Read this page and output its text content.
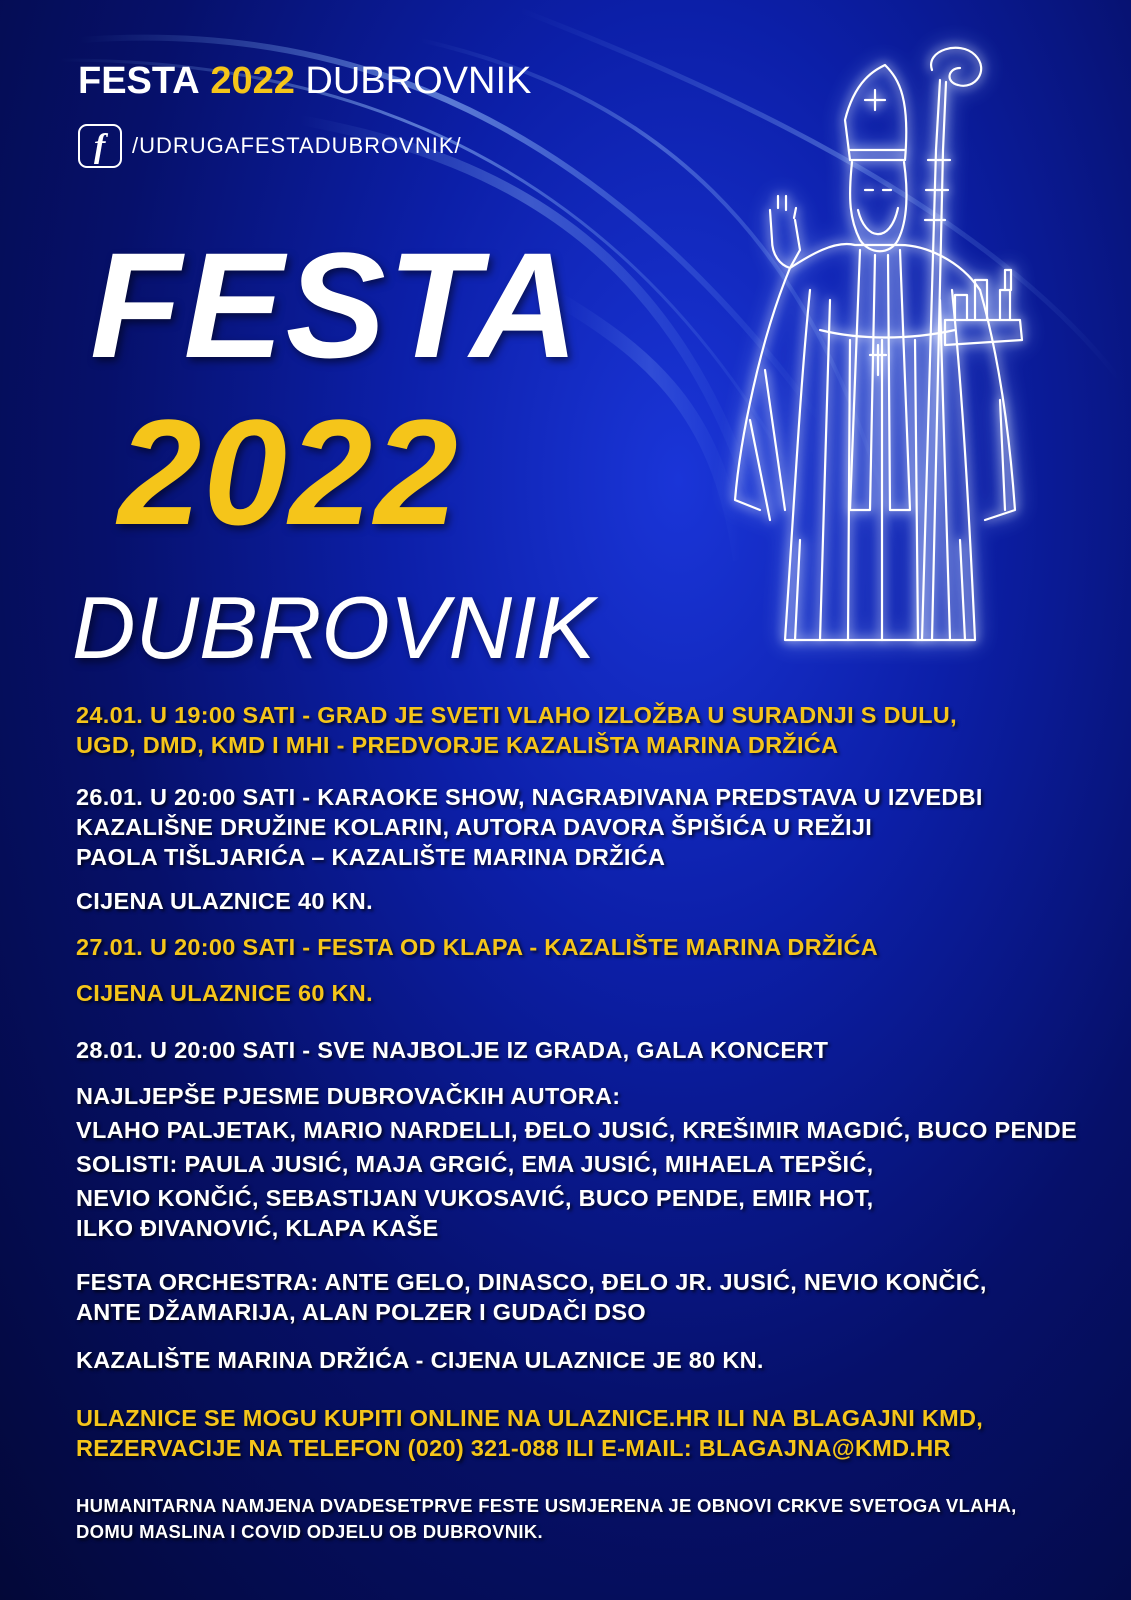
FESTA 2022 DUBROVNIK
f /UDRUGAFESTADUBROVNIK/
FESTA
2022
DUBROVNIK
24.01. U 19:00 SATI - GRAD JE SVETI VLAHO IZLOŽBA U SURADNJI S DULU,
UGD, DMD, KMD I MHI - PREDVORJE KAZALIŠTA MARINA DRŽIĆA
26.01. U 20:00 SATI - KARAOKE SHOW, NAGRAĐIVANA PREDSTAVA U IZVEDBI
KAZALIŠNE DRUŽINE KOLARIN, AUTORA DAVORA ŠPIŠIĆA U REŽIJI
PAOLA TIŠLJARIĆA – KAZALIŠTE MARINA DRŽIĆA
CIJENA ULAZNICE 40 KN.
27.01. U 20:00 SATI - FESTA OD KLAPA - KAZALIŠTE MARINA DRŽIĆA
CIJENA ULAZNICE 60 KN.
28.01. U 20:00 SATI - SVE NAJBOLJE IZ GRADA, GALA KONCERT
NAJLJEPŠE PJESME DUBROVAČKIH AUTORA:
VLAHO PALJETAK, MARIO NARDELLI, ĐELO JUSIĆ, KREŠIMIR MAGDIĆ, BUCO PENDE
SOLISTI: PAULA JUSIĆ, MAJA GRGIĆ, EMA JUSIĆ, MIHAELA TEPŠIĆ,
NEVIO KONČIĆ, SEBASTIJAN VUKOSAVIĆ, BUCO PENDE, EMIR HOT,
ILKO ĐIVANOVIĆ, KLAPA KAŠE
FESTA ORCHESTRA: ANTE GELO, DINASCO, ĐELO JR. JUSIĆ, NEVIO KONČIĆ,
ANTE DŽAMARIJA, ALAN POLZER I GUDAČI DSO
KAZALIŠTE MARINA DRŽIĆA - CIJENA ULAZNICE JE 80 KN.
ULAZNICE SE MOGU KUPITI ONLINE NA ULAZNICE.HR ILI NA BLAGAJNI KMD,
REZERVACIJE NA TELEFON (020) 321-088 ILI E-MAIL: BLAGAJNA@KMD.HR
HUMANITARNA NAMJENA DVADESETPRVE FESTE USMJERENA JE OBNOVI CRKVE SVETOGA VLAHA,
DOMU MASLINA I COVID ODJELU OB DUBROVNIK.
